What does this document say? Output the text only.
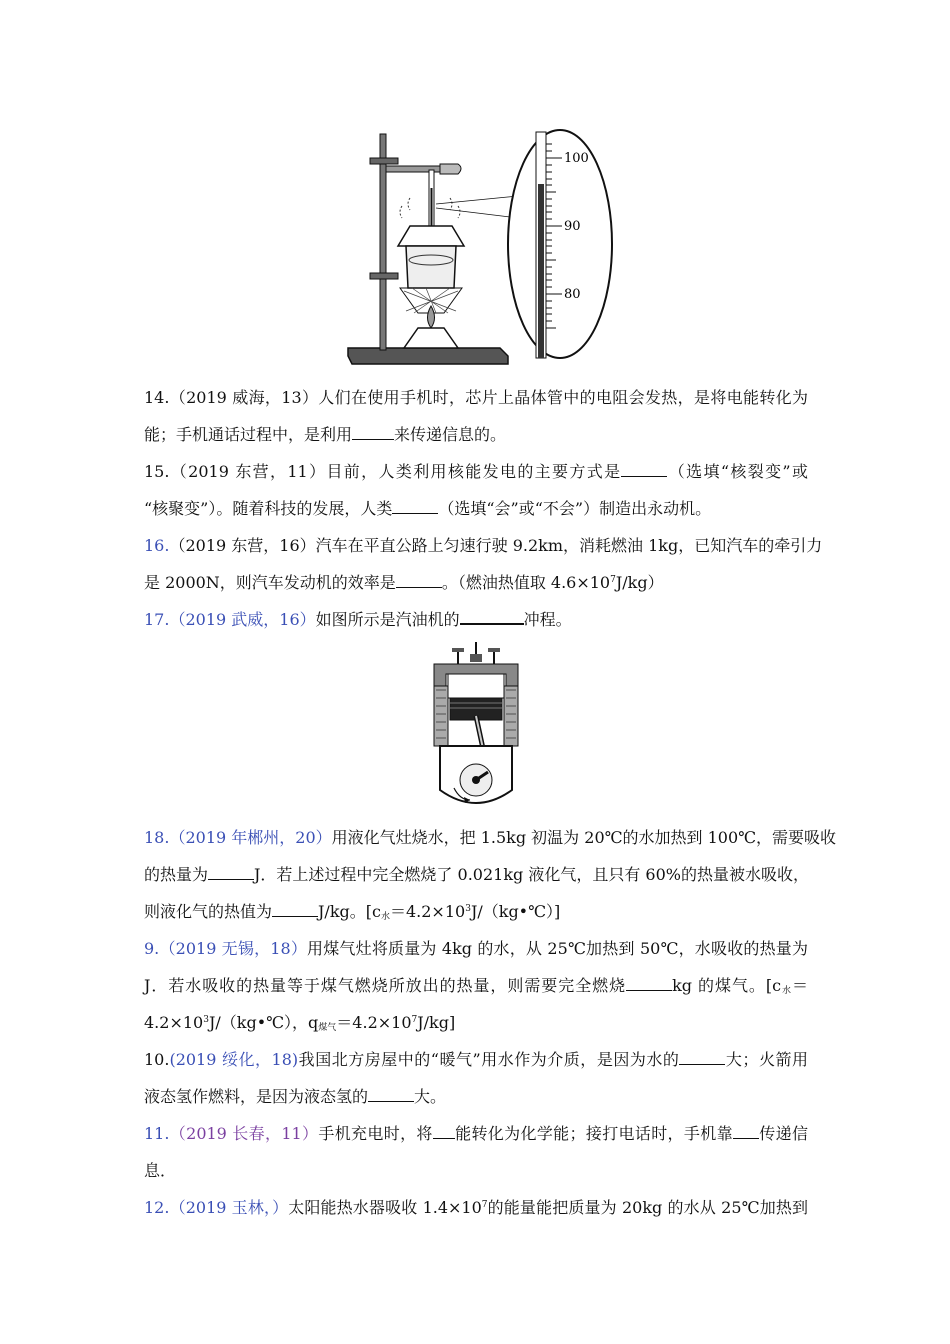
100
90
80
14.（2019 威海，13）人们在使用手机时，芯片上晶体管中的电阻会发热，是将电能转化为
能；手机通话过程中，是利用	来传递信息的。
15.（2019 东营，11）目前，人类利用核能发电的主要方式是	（选填“核裂变”或
“核聚变”）。随着科技的发展，人类	（选填“会”或“不会”）制造出永动机。
16.（2019 东营，16）汽车在平直公路上匀速行驶 9.2km，消耗燃油 1kg，已知汽车的牵引力
是 2000N，则汽车发动机的效率是	。（燃油热值取 $4.6\times 10^7J/kg$）
17.（2019 武威，16）如图所示是汽油机的	冲程。
18.（2019 年郴州，20）用液化气灶烧水，把 1.5kg 初温为 20℃的水加热到 100℃，需要吸收
的热量为	J．若上述过程中完全燃烧了 0.021kg 液化气，且只有 60%的热量被水吸收，
则液化气的热值为	J/kg。$[c_水=4.2\times 10^3J/(kg•℃)]$
9.（2019 无锡，18）用煤气灶将质量为 4kg 的水，从 25℃加热到 50℃，水吸收的热量为
J．若水吸收的热量等于煤气燃烧所放出的热量，则需要完全燃烧	kg 的煤气。[$c_水=$
$4.2\times 10^3J/(kg•℃)$，$q_{煤气}=4.2\times 10^7J/kg$]
10.(2019 绥化，18)我国北方房屋中的“暖气”用水作为介质，是因为水的	大；火箭用
液态氢作燃料，是因为液态氢的	大。
11.（2019 长春，11）手机充电时，将 能转化为化学能；接打电话时，手机靠 传递信
息．
12.（2019 玉林，）太阳能热水器吸收 $1.4\times 10^7$的能量能把质量为 20kg 的水从 25℃加热到
